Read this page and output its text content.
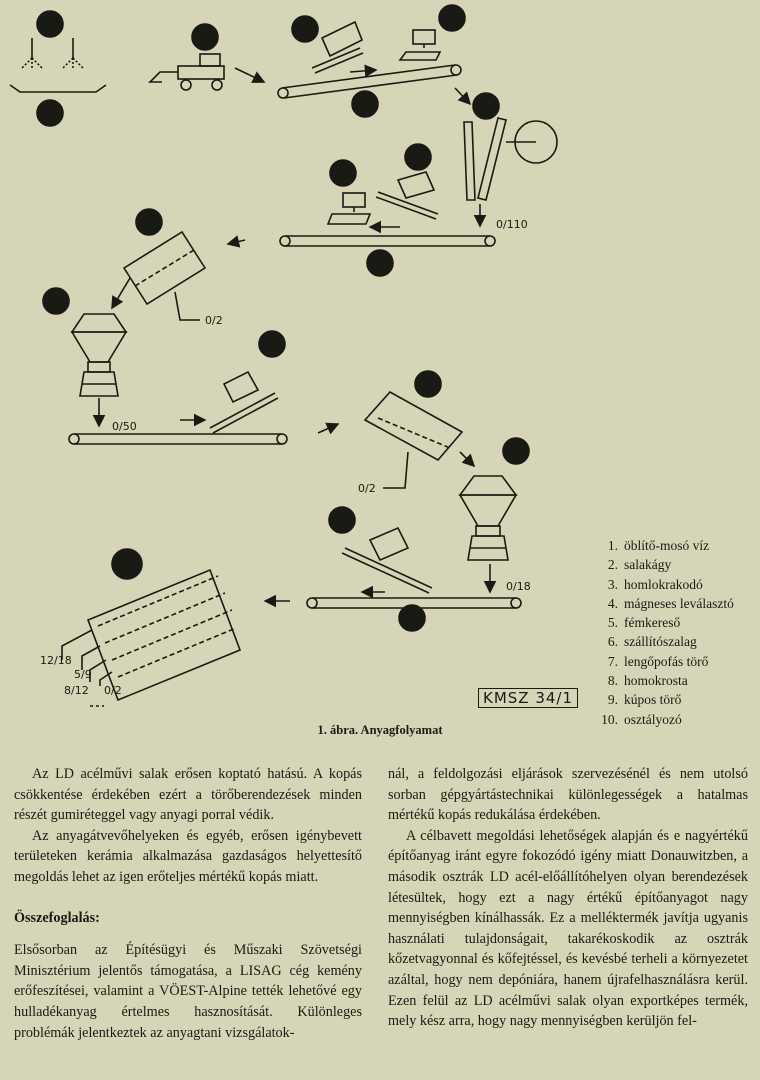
1
2
3	4
5
6	7
5
4
6
8
9
4
8
9
4
6
10
0/110
0/2
0/50
0/2
0/18
12/18
5/9
8/12 0/2
1. öblítő-mosó víz
2. salakágy
3. homlokrakodó
4. mágneses leválasztó
5. fémkereső
6. szállítószalag
7. lengőpofás törő
8. homokrosta
9. kúpos törő
10. osztályozó
KMSZ 34/1
1. ábra. Anyagfolyamat

Az LD acélművi salak erősen koptató hatású. A kopás csökkentése érdekében ezért a törőberendezések minden részét gumiréteggel vagy anyagi porral védik.

Az anyagátvevőhelyeken és egyéb, erősen igénybevett területeken kerámia alkalmazása gazdaságos helyettesítő megoldás lehet az igen erőteljes mértékű kopás miatt.

Összefoglalás:

Elsősorban az Építésügyi és Műszaki Szövetségi Minisztérium jelentős támogatása, a LISAG cég kemény erőfeszítései, valamint a VÖEST-Alpine tették lehetővé egy hulladékanyag értelmes hasznosítását. Különleges problémák jelentkeztek az anyagtani vizsgálatok-

nál, a feldolgozási eljárások szervezésénél és nem utolsó sorban gépgyártástechnikai különlegességek a hatalmas mértékű kopás redukálása érdekében.

A célbavett megoldási lehetőségek alapján és e nagyértékű építőanyag iránt egyre fokozódó igény miatt Donauwitzben, a második osztrák LD acél-előállítóhelyen olyan berendezések létesültek, hogy ezt a nagy értékű építőanyagot nagy mennyiségben kínálhassák. Ez a melléktermék javítja ugyanis használati tulajdonságait, takarékoskodik az osztrák kőzetvagyonnal és kőfejtéssel, és kevésbé terheli a környezetet azáltal, hogy nem depóniára, hanem újrafelhasználásra kerül. Ezen felül az LD acélművi salak olyan exportképes termék, mely kész arra, hogy nagy mennyiségben kerüljön fel-
